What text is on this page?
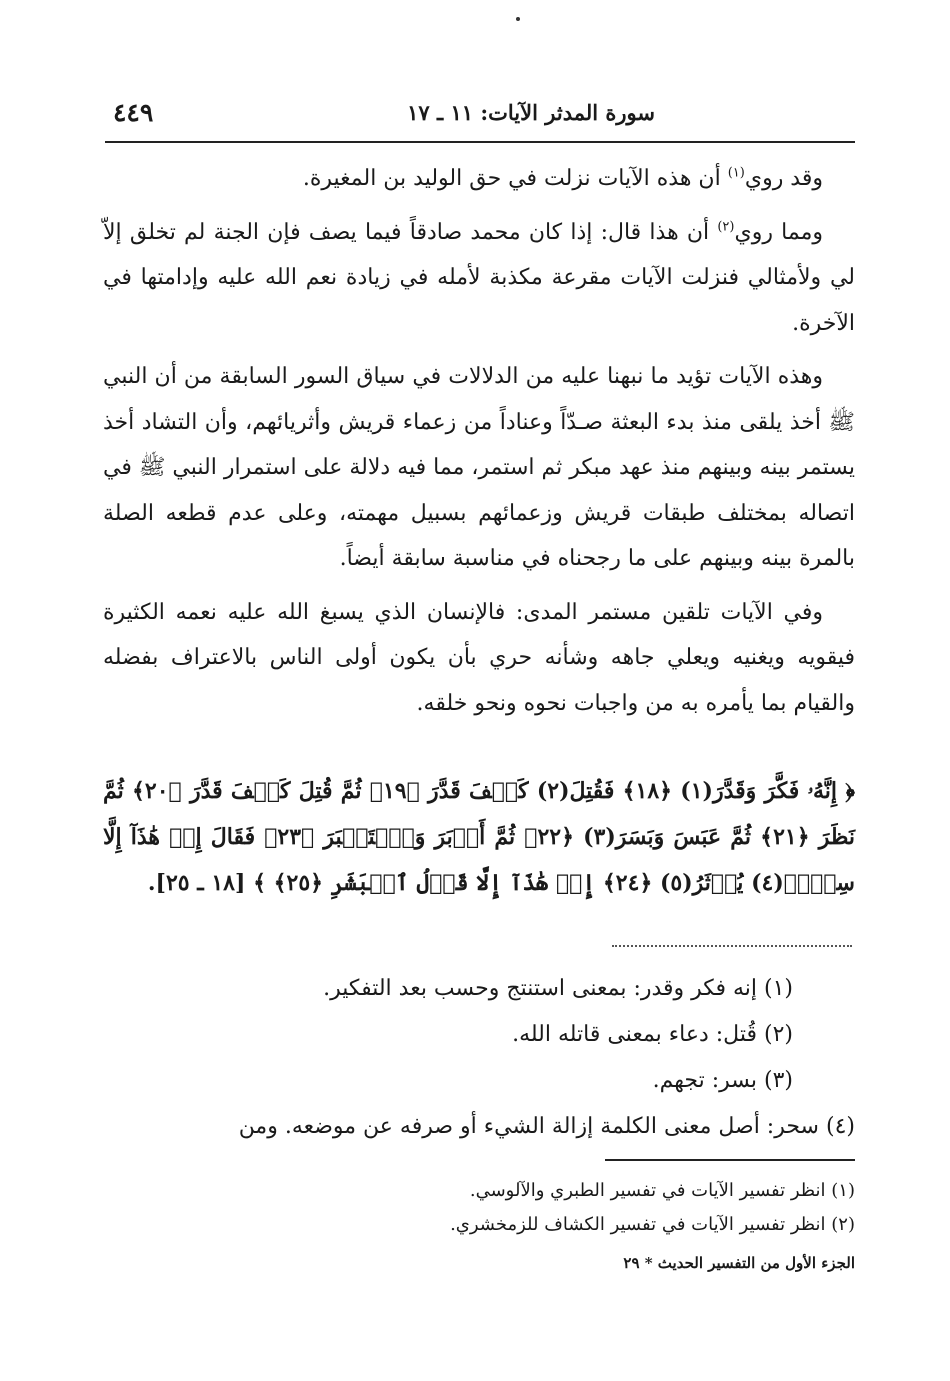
سورة المدثر الآيات: ١١ ـ ١٧
٤٤٩

وقد روي$^{(١)}$ أن هذه الآيات نزلت في حق الوليد بن المغيرة.

ومما روي$^{(٢)}$ أن هذا قال: إذا كان محمد صادقاً فيما يصف فإن الجنة لم تخلق إلاّ لي ولأمثالي فنزلت الآيات مقرعة مكذبة لأمله في زيادة نعم الله عليه وإدامتها في الآخرة.

وهذه الآيات تؤيد ما نبهنا عليه من الدلالات في سياق السور السابقة من أن النبي ﷺ أخذ يلقى منذ بدء البعثة صـدّاً وعناداً من زعماء قريش وأثريائهم، وأن التشاد أخذ يستمر بينه وبينهم منذ عهد مبكر ثم استمر، مما فيه دلالة على استمرار النبي ﷺ في اتصاله بمختلف طبقات قريش وزعمائهم بسبيل مهمته، وعلى عدم قطعه الصلة بالمرة بينه وبينهم على ما رجحناه في مناسبة سابقة أيضاً.

وفي الآيات تلقين مستمر المدى: فالإنسان الذي يسبغ الله عليه نعمه الكثيرة فيقويه ويغنيه ويعلي جاهه وشأنه حري بأن يكون أولى الناس بالاعتراف بفضله والقيام بما يأمره به من واجبات نحوه ونحو خلقه.

﴿ إِنَّهُۥ فَكَّرَ وَقَدَّرَ(١) ﴿١٨﴾ فَقُتِلَ(٢) كَيۡفَ قَدَّرَ ﴿١٩﴾ ثُمَّ قُتِلَ كَيۡفَ قَدَّرَ ﴿٢٠﴾ ثُمَّ نَظَرَ ﴿٢١﴾ ثُمَّ عَبَسَ وَبَسَرَ(٣) ﴿٢٢﴾ ثُمَّ أَدۡبَرَ وَٱسۡتَكۡبَرَ ﴿٢٣﴾ فَقَالَ إِنۡ هَٰذَآ إِلَّا سِحۡرٞ(٤) يُؤۡثَرُ(٥) ﴿٢٤﴾ إِنۡ هَٰذَآ إِلَّا قَوۡلُ ٱلۡبَشَرِ ﴿٢٥﴾ ﴾ [١٨ ـ ٢٥].
(١) إنه فكر وقدر: بمعنى استنتج وحسب بعد التفكير.
(٢) قُتل: دعاء بمعنى قاتله الله.
(٣) بسر: تجهم.
(٤) سحر: أصل معنى الكلمة إزالة الشيء أو صرفه عن موضعه. ومن
(١) انظر تفسير الآيات في تفسير الطبري والآلوسي.
(٢) انظر تفسير الآيات في تفسير الكشاف للزمخشري.
الجزء الأول من التفسير الحديث * ٢٩
